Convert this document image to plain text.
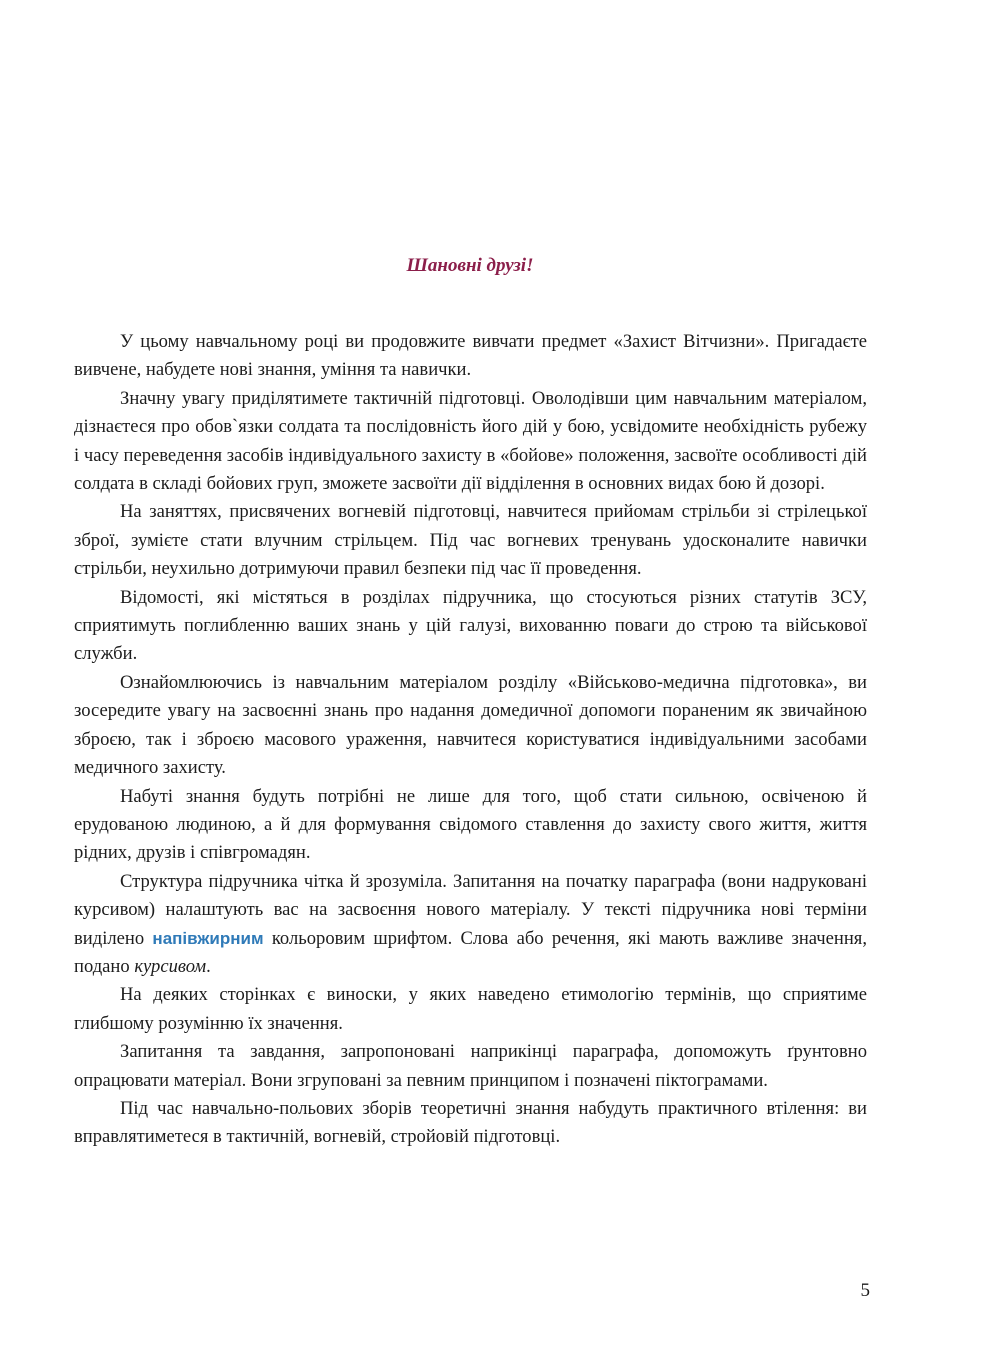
Шановні друзі!

У цьому навчальному році ви продовжите вивчати предмет «Захист Вітчизни». Пригадаєте вивчене, набудете нові знання, уміння та навички.

Значну увагу приділятимете тактичній підготовці. Оволодівши цим навчальним матеріалом, дізнаєтеся про обов`язки солдата та послідовність його дій у бою, усвідомите необхідність рубежу і часу переведення засобів індивідуального захисту в «бойове» положення, засвоїте особливості дій солдата в складі бойових груп, зможете засвоїти дії відділення в основних видах бою й дозорі.

На заняттях, присвячених вогневій підготовці, навчитеся прийомам стрільби зі стрілецької зброї, зумієте стати влучним стрільцем. Під час вогневих тренувань удосконалите навички стрільби, неухильно дотримуючи правил безпеки під час її проведення.

Відомості, які містяться в розділах підручника, що стосуються різних статутів ЗСУ, сприятимуть поглибленню ваших знань у цій галузі, вихованню поваги до строю та військової служби.

Ознайомлюючись із навчальним матеріалом розділу «Військово-медична підготовка», ви зосередите увагу на засвоєнні знань про надання домедичної допомоги пораненим як звичайною зброєю, так і зброєю масового ураження, навчитеся користуватися індивідуальними засобами медичного захисту.

Набуті знання будуть потрібні не лише для того, щоб стати сильною, освіченою й ерудованою людиною, а й для формування свідомого ставлення до захисту свого життя, життя рідних, друзів і співгромадян.

Структура підручника чітка й зрозуміла. Запитання на початку параграфа (вони надруковані курсивом) налаштують вас на засвоєння нового матеріалу. У тексті підручника нові терміни виділено напівжирним кольоровим шрифтом. Слова або речення, які мають важливе значення, подано курсивом.

На деяких сторінках є виноски, у яких наведено етимологію термінів, що сприятиме глибшому розумінню їх значення.

Запитання та завдання, запропоновані наприкінці параграфа, допоможуть ґрунтовно опрацювати матеріал. Вони згруповані за певним принципом і позначені піктограмами.

Під час навчально-польових зборів теоретичні знання набудуть практичного втілення: ви вправлятиметеся в тактичній, вогневій, стройовій підготовці.

5
